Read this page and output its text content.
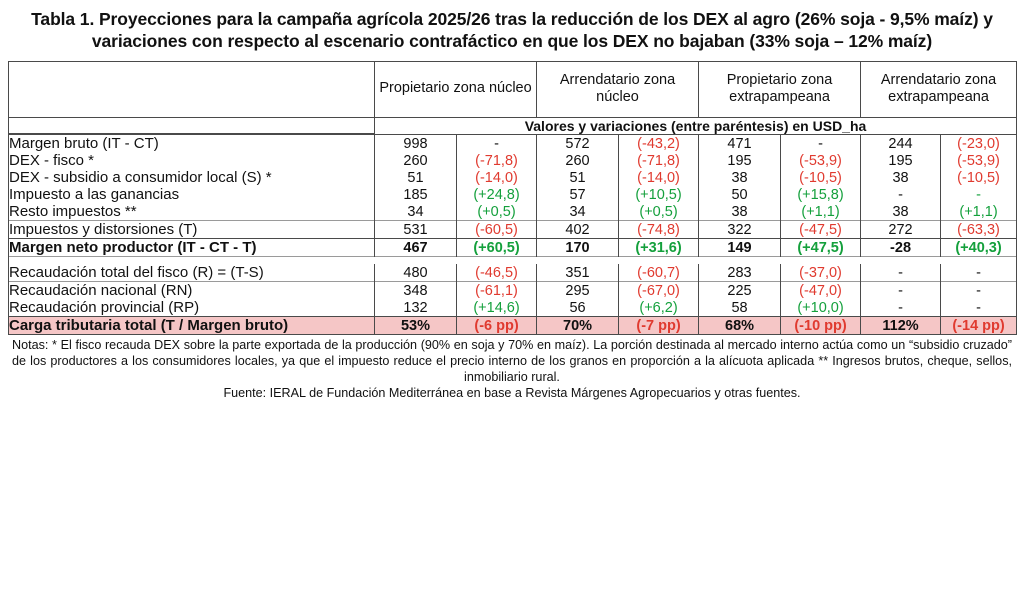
Tabla 1. Proyecciones para la campaña agrícola 2025/26 tras la reducción de los DEX al agro (26% soja - 9,5% maíz) y variaciones con respecto al escenario contrafáctico en que los DEX no bajaban (33% soja – 12% maíz)
	Propietario zona núcleo		Arrendatario zona núcleo		Propietario zona extrapampeana		Arrendatario zona extrapampeana	
	Valores y variaciones (entre paréntesis) en USD_ha							
Margen bruto (IT - CT)	998	-	572	(-43,2)	471	-	244	(-23,0)
DEX - fisco *	260	(-71,8)	260	(-71,8)	195	(-53,9)	195	(-53,9)
DEX - subsidio a consumidor local (S) *	51	(-14,0)	51	(-14,0)	38	(-10,5)	38	(-10,5)
Impuesto a las ganancias	185	(+24,8)	57	(+10,5)	50	(+15,8)	-	-
Resto impuestos **	34	(+0,5)	34	(+0,5)	38	(+1,1)	38	(+1,1)
Impuestos y distorsiones (T)	531	(-60,5)	402	(-74,8)	322	(-47,5)	272	(-63,3)
Margen neto productor (IT - CT - T)	467	(+60,5)	170	(+31,6)	149	(+47,5)	-28	(+40,3)

Recaudación total del fisco (R) = (T-S)	480	(-46,5)	351	(-60,7)	283	(-37,0)	-	-
Recaudación nacional (RN)	348	(-61,1)	295	(-67,0)	225	(-47,0)	-	-
Recaudación provincial (RP)	132	(+14,6)	56	(+6,2)	58	(+10,0)	-	-
Carga tributaria total (T / Margen bruto)	53%	(-6 pp)	70%	(-7 pp)	68%	(-10 pp)	112%	(-14 pp)

Notas: * El fisco recauda DEX sobre la parte exportada de la producción (90% en soja y 70% en maíz). La porción destinada al mercado interno actúa como un “subsidio cruzado” de los productores a los consumidores locales, ya que el impuesto reduce el precio interno de los granos en proporción a la alícuota aplicada ** Ingresos brutos, cheque, sellos, inmobiliario rural.

Fuente: IERAL de Fundación Mediterránea en base a Revista Márgenes Agropecuarios y otras fuentes.
